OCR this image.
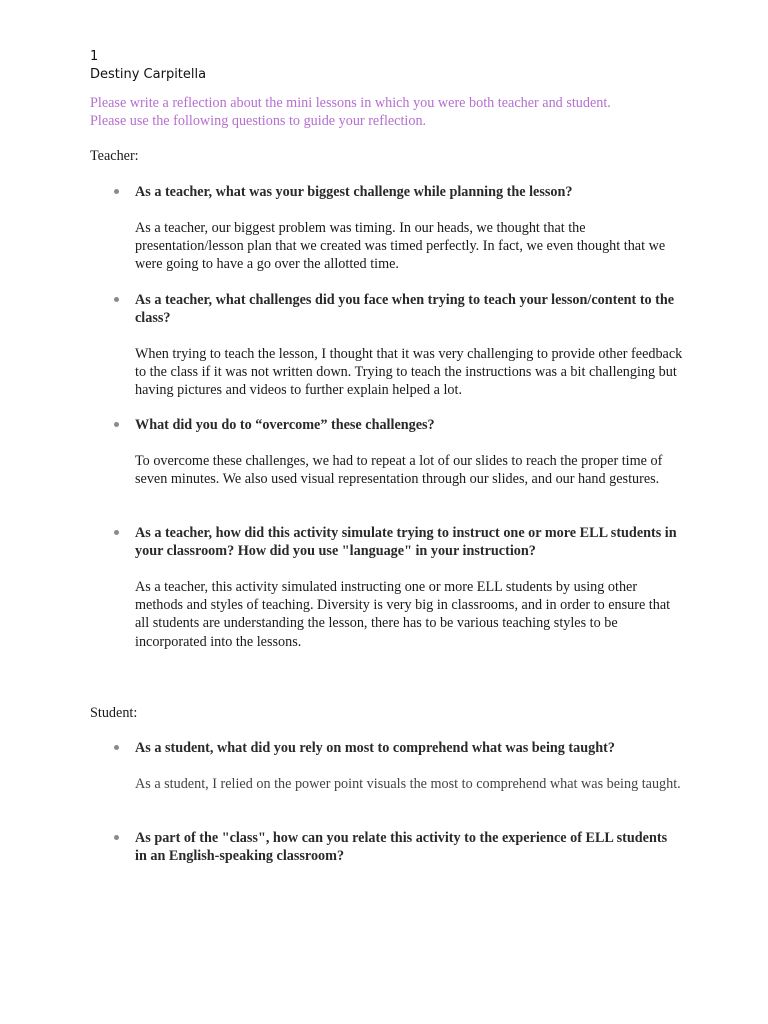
1
Destiny Carpitella
Please write a reflection about the mini lessons in which you were both teacher and student.
Please use the following questions to guide your reflection.
Teacher:
As a teacher, what was your biggest challenge while planning the lesson?
As a teacher, our biggest problem was timing. In our heads, we thought that the presentation/lesson plan that we created was timed perfectly. In fact, we even thought that we were going to have a go over the allotted time.
As a teacher, what challenges did you face when trying to teach your lesson/content to the class?
When trying to teach the lesson, I thought that it was very challenging to provide other feedback to the class if it was not written down. Trying to teach the instructions was a bit challenging but having pictures and videos to further explain helped a lot.
What did you do to “overcome” these challenges?
To overcome these challenges, we had to repeat a lot of our slides to reach the proper time of seven minutes. We also used visual representation through our slides, and our hand gestures.
As a teacher, how did this activity simulate trying to instruct one or more ELL students in your classroom? How did you use "language" in your instruction?
As a teacher, this activity simulated instructing one or more ELL students by using other methods and styles of teaching. Diversity is very big in classrooms, and in order to ensure that all students are understanding the lesson, there has to be various teaching styles to be incorporated into the lessons.
Student:
As a student, what did you rely on most to comprehend what was being taught?
As a student, I relied on the power point visuals the most to comprehend what was being taught.
As part of the "class", how can you relate this activity to the experience of ELL students in an English-speaking classroom?
